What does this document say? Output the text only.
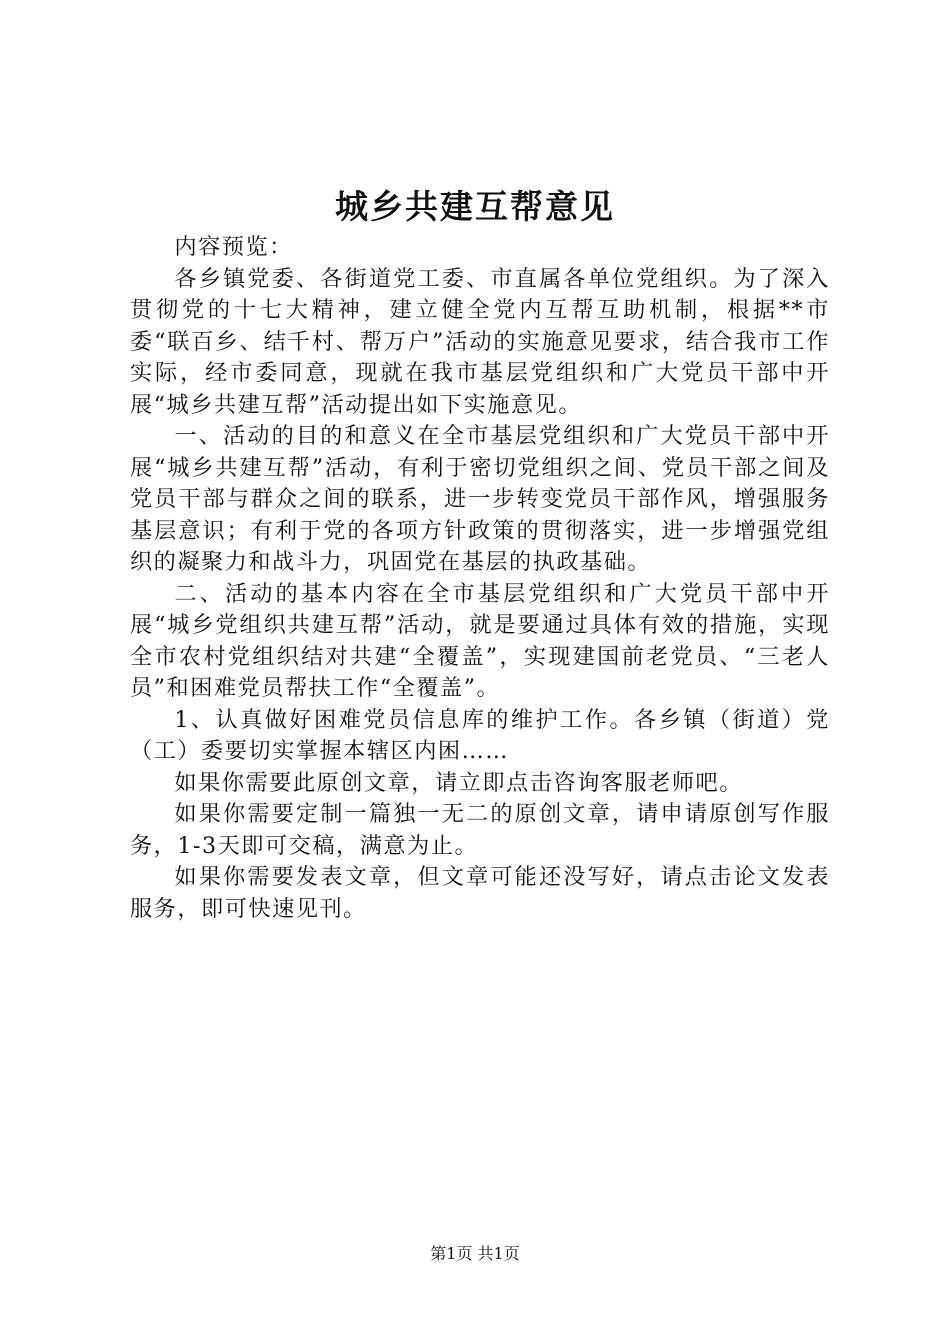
城乡共建互帮意见

内容预览：

各乡镇党委、各街道党工委、市直属各单位党组织。为了深入贯彻党的十七大精神，建立健全党内互帮互助机制，根据**市委“联百乡、结千村、帮万户”活动的实施意见要求，结合我市工作实际，经市委同意，现就在我市基层党组织和广大党员干部中开展“城乡共建互帮”活动提出如下实施意见。

一、活动的目的和意义在全市基层党组织和广大党员干部中开展“城乡共建互帮”活动，有利于密切党组织之间、党员干部之间及党员干部与群众之间的联系，进一步转变党员干部作风，增强服务基层意识；有利于党的各项方针政策的贯彻落实，进一步增强党组织的凝聚力和战斗力，巩固党在基层的执政基础。

二、活动的基本内容在全市基层党组织和广大党员干部中开展“城乡党组织共建互帮”活动，就是要通过具体有效的措施，实现全市农村党组织结对共建“全覆盖”，实现建国前老党员、“三老人员”和困难党员帮扶工作“全覆盖”。

1、认真做好困难党员信息库的维护工作。各乡镇（街道）党（工）委要切实掌握本辖区内困……

如果你需要此原创文章，请立即点击咨询客服老师吧。

如果你需要定制一篇独一无二的原创文章，请申请原创写作服务，1-3天即可交稿，满意为止。

如果你需要发表文章，但文章可能还没写好，请点击论文发表服务，即可快速见刊。

第1页 共1页
